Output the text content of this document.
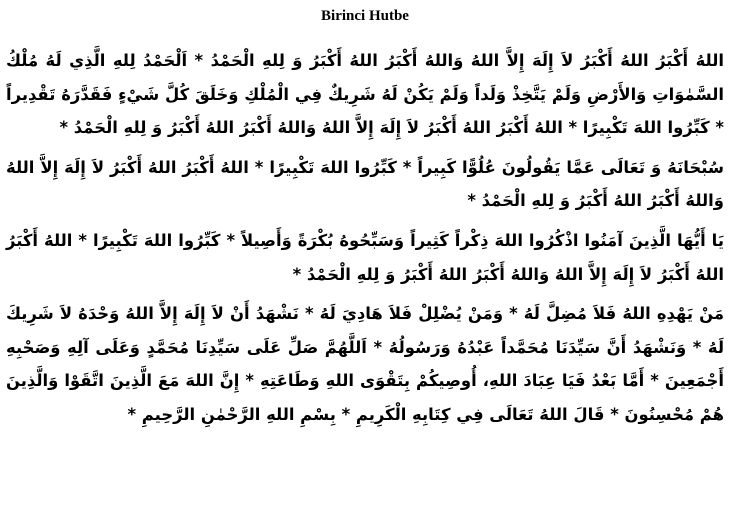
Birinci Hutbe

اللهُ أَكْبَرُ اللهُ أَكْبَرُ لاَ إِلَهَ إِلاَّ اللهُ وَاللهُ أَكْبَرُ اللهُ أَكْبَرُ وَ لِلهِ الْحَمْدُ * اَلْحَمْدُ لِلهِ الَّذِي لَهُ مُلْكُ السَّمٰوَاتِ وَالأَرْضِ وَلَمْ يَتَّخِذْ وَلَداً وَلَمْ يَكُنْ لَهُ شَرِيكٌ فِي الْمُلْكِ وَخَلَقَ كُلَّ شَيْءٍ فَقَدَّرَهُ تَقْدِيراً * كَبِّرُوا اللهَ تَكْبِيرًا * اللهُ أَكْبَرُ اللهُ أَكْبَرُ لاَ إِلَهَ إِلاَّ اللهُ وَاللهُ أَكْبَرُ اللهُ أَكْبَرُ وَ لِلهِ الْحَمْدُ *

سُبْحَانَهُ وَ تَعَالَى عَمَّا يَقُولُونَ عُلُوًّا كَبِيراً * كَبِّرُوا اللهَ تَكْبِيرًا * اللهُ أَكْبَرُ اللهُ أَكْبَرُ لاَ إِلَهَ إِلاَّ اللهُ وَاللهُ أَكْبَرُ اللهُ أَكْبَرُ وَ لِلهِ الْحَمْدُ *

يَا أَيُّهَا الَّذِينَ آمَنُوا اذْكُرُوا اللهَ ذِكْراً كَثِيراً وَسَبِّحُوهُ بُكْرَةً وَأَصِيلاً * كَبِّرُوا اللهَ تَكْبِيرًا * اللهُ أَكْبَرُ اللهُ أَكْبَرُ لاَ إِلَهَ إِلاَّ اللهُ وَاللهُ أَكْبَرُ اللهُ أَكْبَرُ وَ لِلهِ الْحَمْدُ *

مَنْ يَهْدِهِ اللهُ فَلاَ مُضِلَّ لَهُ * وَمَنْ يُضْلِلْ فَلاَ هَادِيَ لَهُ * نَشْهَدُ أَنْ لاَ إِلَهَ إِلاَّ اللهُ وَحْدَهُ لاَ شَرِيكَ لَهُ * وَنَشْهَدُ أَنَّ سَيِّدَنَا مُحَمَّداً عَبْدُهُ وَرَسُولُهُ * اَللَّهُمَّ صَلِّ عَلَى سَيِّدِنَا مُحَمَّدٍ وَعَلَى آلِهِ وَصَحْبِهِ أَجْمَعِينَ * أَمَّا بَعْدُ فَيَا عِبَادَ اللهِ، أُوصِيكُمْ بِتَقْوَى اللهِ وَطَاعَتِهِ * إِنَّ اللهَ مَعَ الَّذِينَ اتَّقَوْا وَالَّذِينَ هُمْ مُحْسِنُونَ * قَالَ اللهُ تَعَالَى فِي كِتَابِهِ الْكَرِيمِ * بِسْمِ اللهِ الرَّحْمٰنِ الرَّحِيمِ *
